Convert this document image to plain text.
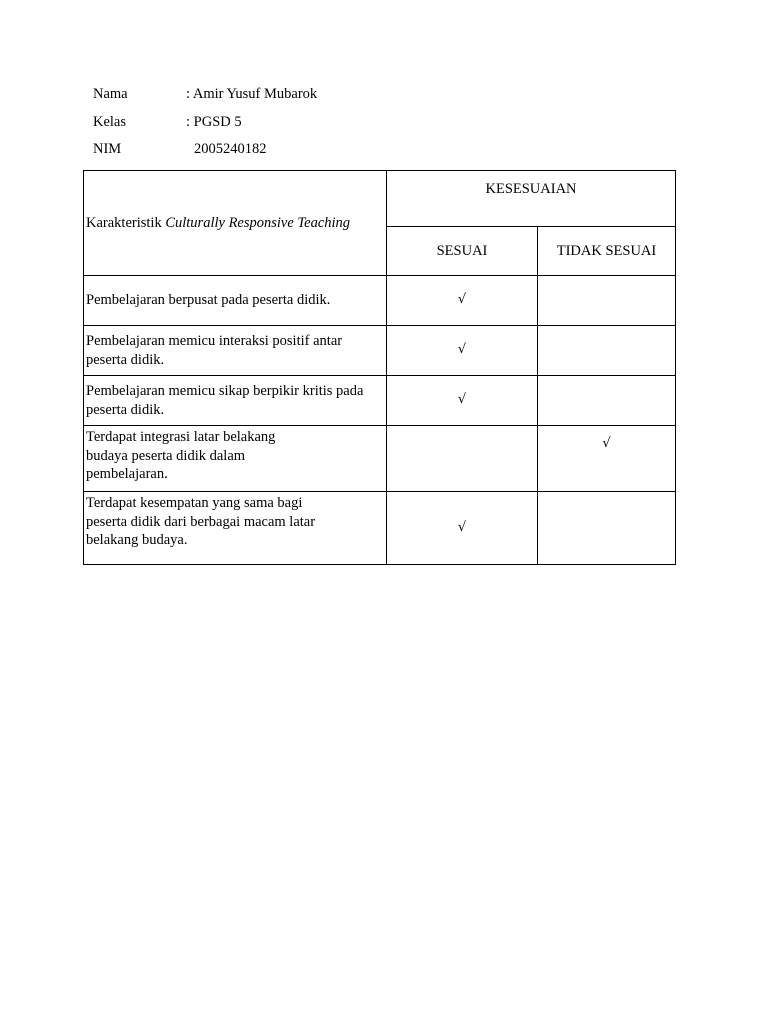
Nama	: Amir Yusuf Mubarok
Kelas	: PGSD 5
NIM	2005240182
Karakteristik Culturally Responsive Teaching	KESESUAIAN	
	SESUAI	TIDAK SESUAI
Pembelajaran berpusat pada peserta didik.	√	
Pembelajaran memicu interaksi positif antar
peserta didik.	√	
Pembelajaran memicu sikap berpikir kritis pada
peserta didik.	√	
Terdapat integrasi latar belakang
budaya peserta didik dalam
pembelajaran.		√
Terdapat kesempatan yang sama bagi
peserta didik dari berbagai macam latar
belakang budaya.	√	
